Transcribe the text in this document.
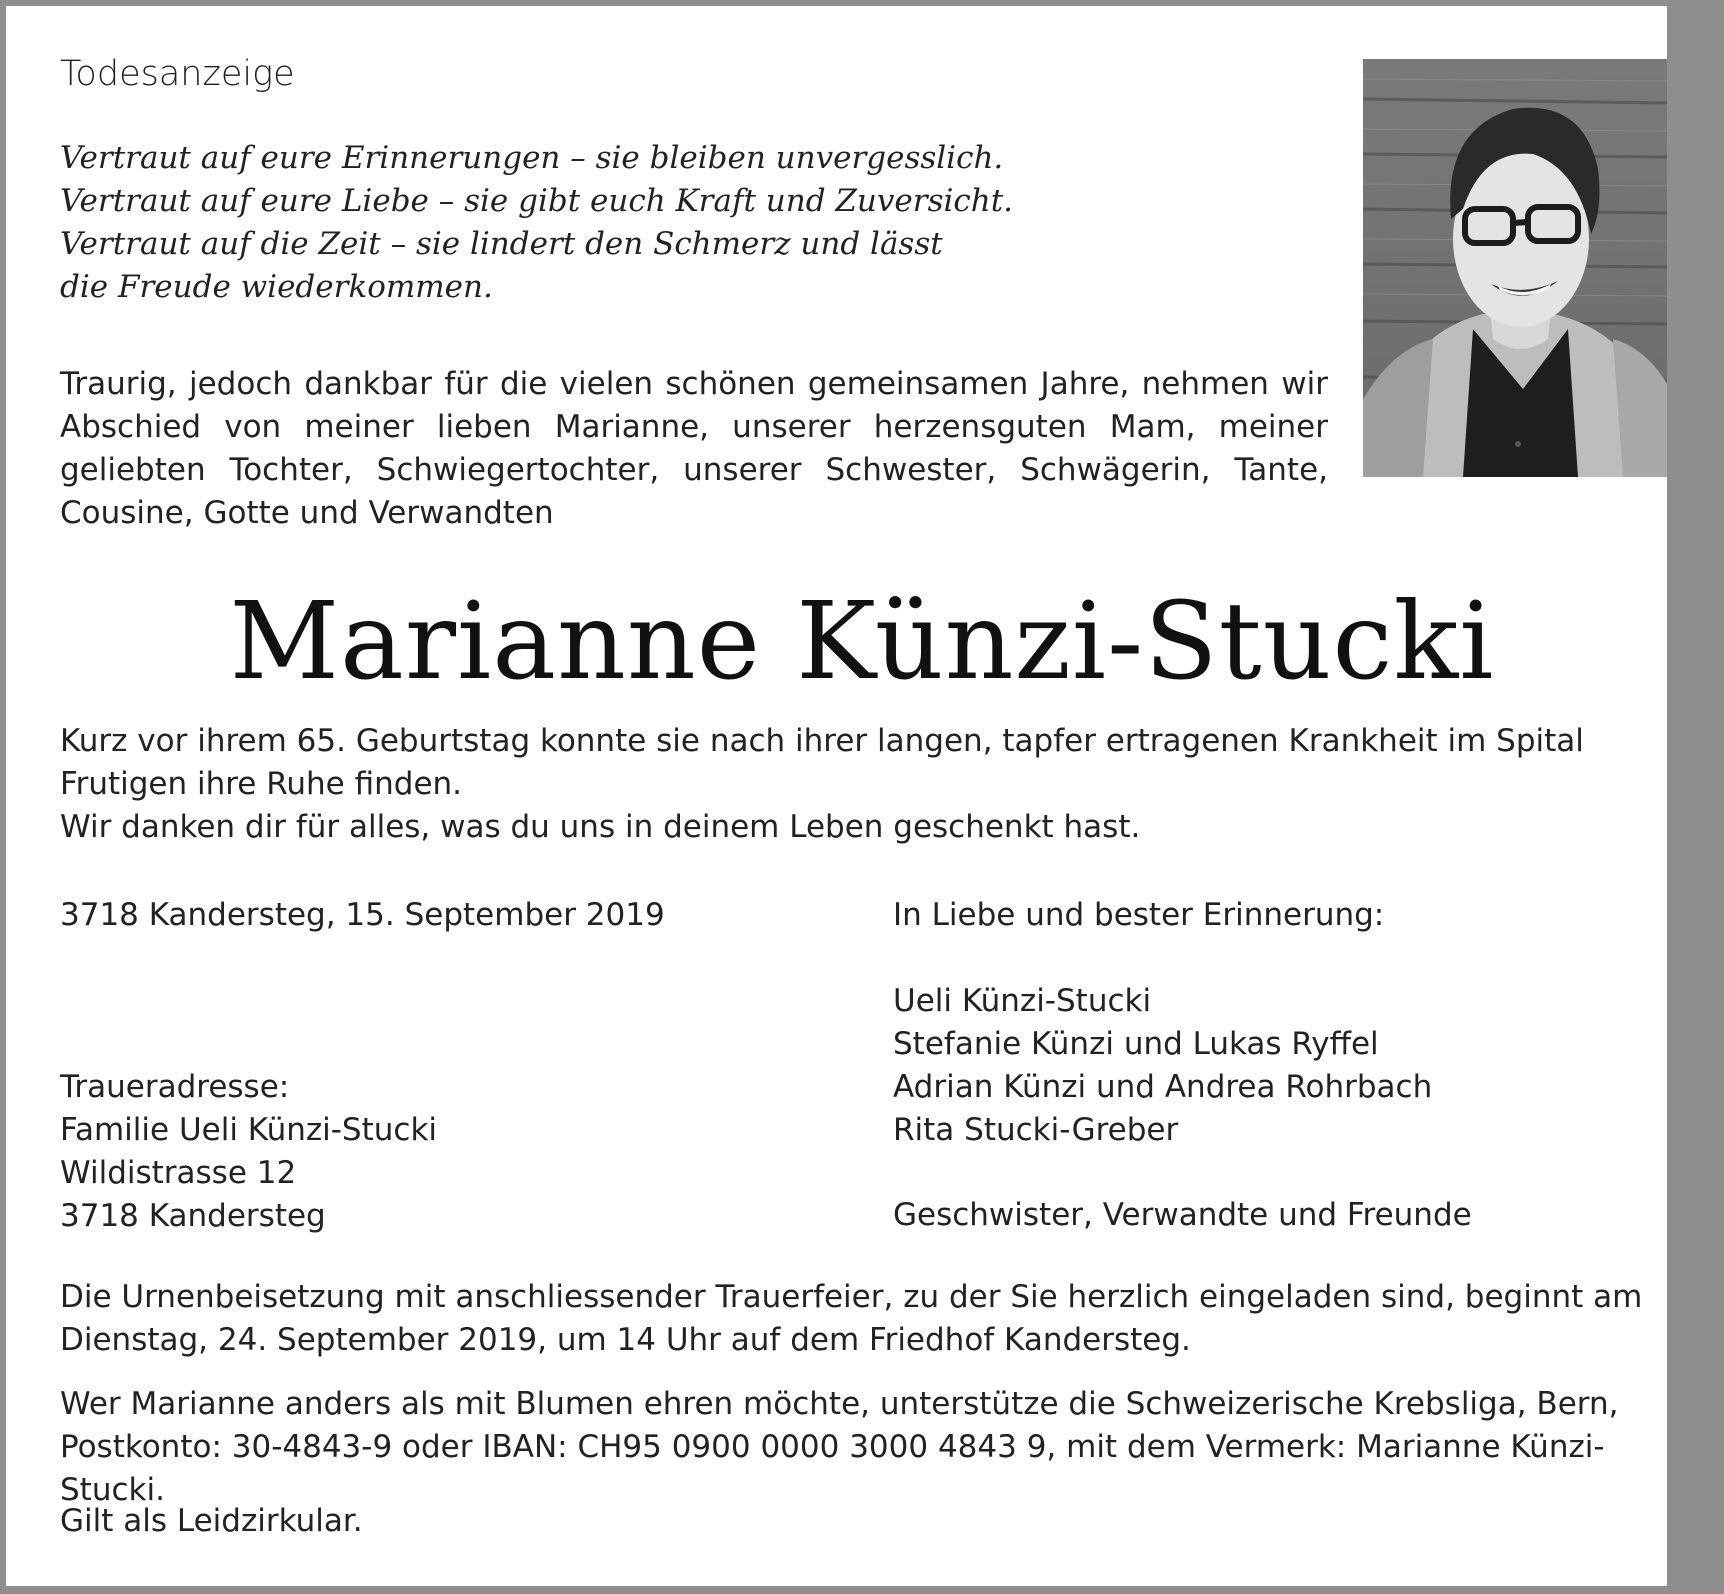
Todesanzeige
Vertraut auf eure Erinnerungen – sie bleiben unvergesslich.
Vertraut auf eure Liebe – sie gibt euch Kraft und Zuversicht.
Vertraut auf die Zeit – sie lindert den Schmerz und lässt
die Freude wiederkommen.
Traurig, jedoch dankbar für die vielen schönen gemeinsamen Jahre, nehmen wir Abschied von meiner lieben Marianne, unserer herzensguten Mam, meiner geliebten Tochter, Schwiegertochter, unserer Schwester, Schwägerin, Tante, Cousine, Gotte und Verwandten
Marianne Künzi-Stucki
Kurz vor ihrem 65. Geburtstag konnte sie nach ihrer langen, tapfer ertragenen Krankheit im Spital Frutigen ihre Ruhe finden.
Wir danken dir für alles, was du uns in deinem Leben geschenkt hast.
3718 Kandersteg, 15. September 2019	In Liebe und bester Erinnerung:
Ueli Künzi-Stucki
Stefanie Künzi und Lukas Ryffel
Adrian Künzi und Andrea Rohrbach
Rita Stucki-Greber
Geschwister, Verwandte und Freunde
Traueradresse:
Familie Ueli Künzi-Stucki
Wildistrasse 12
3718 Kandersteg
Die Urnenbeisetzung mit anschliessender Trauerfeier, zu der Sie herzlich eingeladen sind, beginnt am Dienstag, 24. September 2019, um 14 Uhr auf dem Friedhof Kandersteg.
Wer Marianne anders als mit Blumen ehren möchte, unterstütze die Schweizerische Krebsliga, Bern, Postkonto: 30-4843-9 oder IBAN: CH95 0900 0000 3000 4843 9, mit dem Vermerk: Marianne Künzi-Stucki.
Gilt als Leidzirkular.
